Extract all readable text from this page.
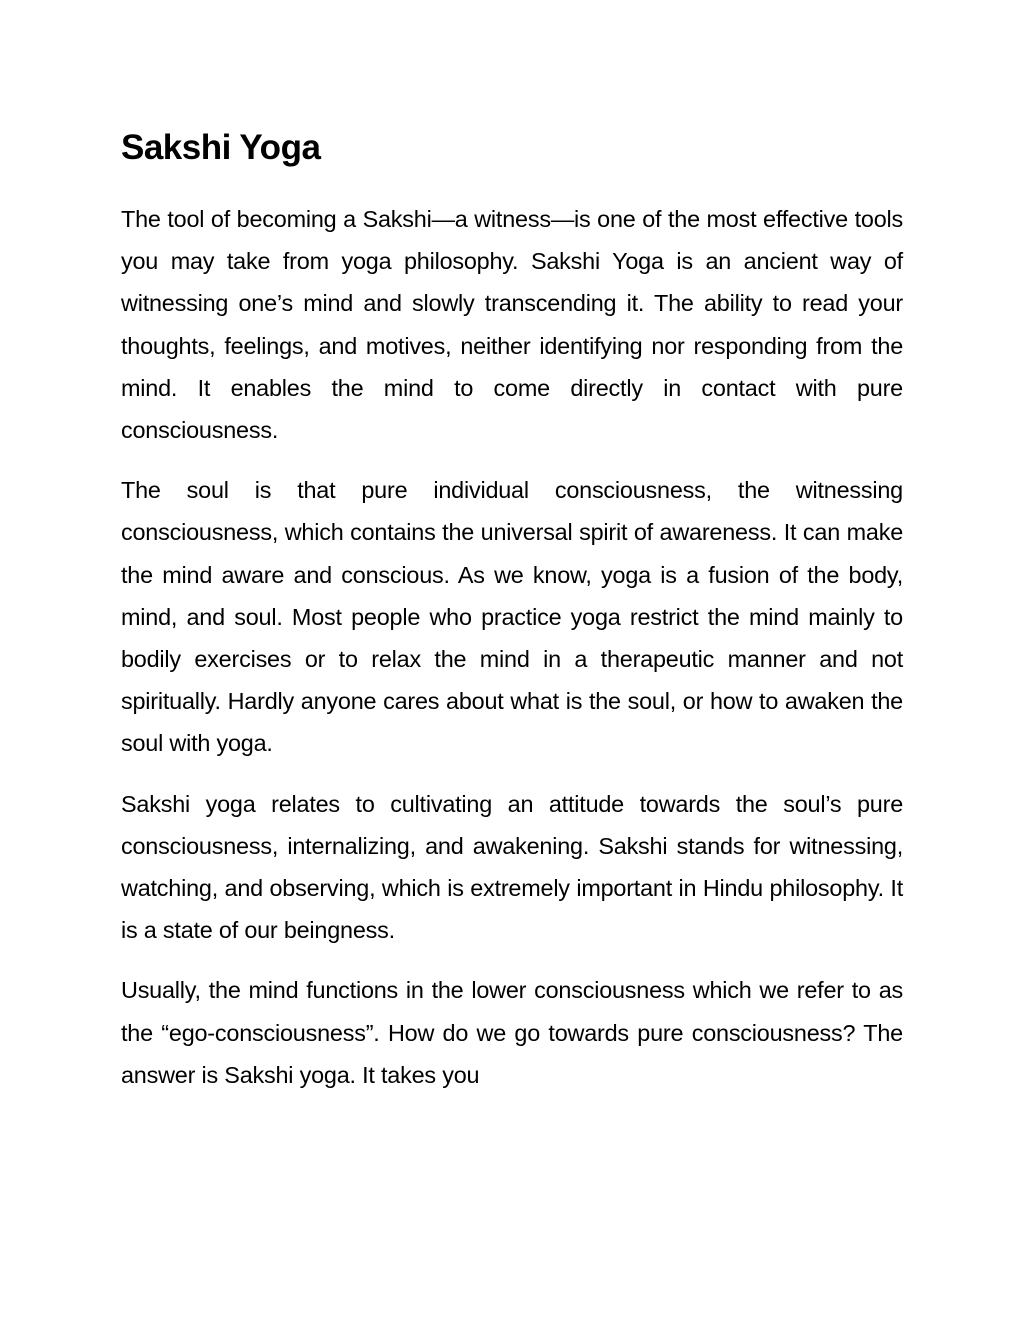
Sakshi Yoga

The tool of becoming a Sakshi—a witness—is one of the most effective tools you may take from yoga philosophy. Sakshi Yoga is an ancient way of witnessing one’s mind and slowly transcending it. The ability to read your thoughts, feelings, and motives, neither identifying nor responding from the mind. It enables the mind to come directly in contact with pure consciousness.

The soul is that pure individual consciousness, the witnessing consciousness, which contains the universal spirit of awareness. It can make the mind aware and conscious. As we know, yoga is a fusion of the body, mind, and soul. Most people who practice yoga restrict the mind mainly to bodily exercises or to relax the mind in a therapeutic manner and not spiritually. Hardly anyone cares about what is the soul, or how to awaken the soul with yoga.

Sakshi yoga relates to cultivating an attitude towards the soul’s pure consciousness, internalizing, and awakening. Sakshi stands for witnessing, watching, and observing, which is extremely important in Hindu philosophy. It is a state of our beingness.

Usually, the mind functions in the lower consciousness which we refer to as the “ego-consciousness”. How do we go towards pure consciousness? The answer is Sakshi yoga. It takes you
